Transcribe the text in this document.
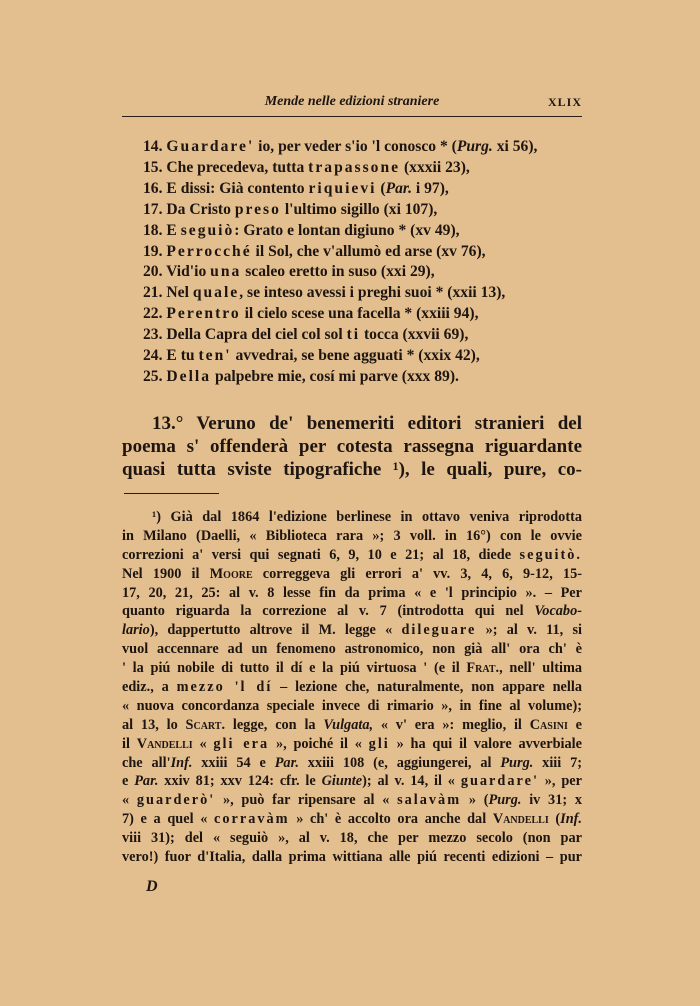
Mende nelle edizioni straniere	XLIX
14. Guardare' io, per veder s'io 'l conosco * (Purg. xi 56),
15. Che precedeva, tutta trapassone (xxxii 23),
16. E dissi: Già contento riquievi (Par. i 97),
17. Da Cristo preso l'ultimo sigillo (xi 107),
18. E seguiò: Grato e lontan digiuno * (xv 49),
19. Perrocché il Sol, che v'allumò ed arse (xv 76),
20. Vid'io una scaleo eretto in suso (xxi 29),
21. Nel quale, se inteso avessi i preghi suoi * (xxii 13),
22. Perentro il cielo scese una facella * (xxiii 94),
23. Della Capra del ciel col sol ti tocca (xxvii 69),
24. E tu ten' avvedrai, se bene agguati * (xxix 42),
25. Della palpebre mie, cosí mi parve (xxx 89).
13.° Veruno de' benemeriti editori stranieri del
poema s' offenderà per cotesta rassegna riguardante
quasi tutta sviste tipografiche ¹), le quali, pure, co-
¹) Già dal 1864 l'edizione berlinese in ottavo veniva riprodotta
in Milano (Daelli, « Biblioteca rara »; 3 voll. in 16°) con le ovvie
correzioni a' versi qui segnati 6, 9, 10 e 21; al 18, diede seguitò.
Nel 1900 il Moore correggeva gli errori a' vv. 3, 4, 6, 9-12, 15-
17, 20, 21, 25: al v. 8 lesse fin da prima « e 'l principio ». – Per
quanto riguarda la correzione al v. 7 (introdotta qui nel Vocabo-
lario), dappertutto altrove il M. legge « dileguare »; al v. 11, si
vuol accennare ad un fenomeno astronomico, non già all' ora ch' è
' la piú nobile di tutto il dí e la piú virtuosa ' (e il Frat., nell' ultima
ediz., a mezzo 'l dí – lezione che, naturalmente, non appare nella
« nuova concordanza speciale invece di rimario », in fine al volume);
al 13, lo Scart. legge, con la Vulgata, « v' era »: meglio, il Casini e
il Vandelli « gli era », poiché il « gli » ha qui il valore avverbiale
che all'Inf. xxiii 54 e Par. xxiii 108 (e, aggiungerei, al Purg. xiii 7;
e Par. xxiv 81; xxv 124: cfr. le Giunte); al v. 14, il « guardare' », per
« guarderò' », può far ripensare al « salavàm » (Purg. iv 31; x
7) e a quel « corravàm » ch' è accolto ora anche dal Vandelli (Inf.
viii 31); del « seguiò », al v. 18, che per mezzo secolo (non par
vero!) fuor d'Italia, dalla prima wittiana alle piú recenti edizioni – pur
D
